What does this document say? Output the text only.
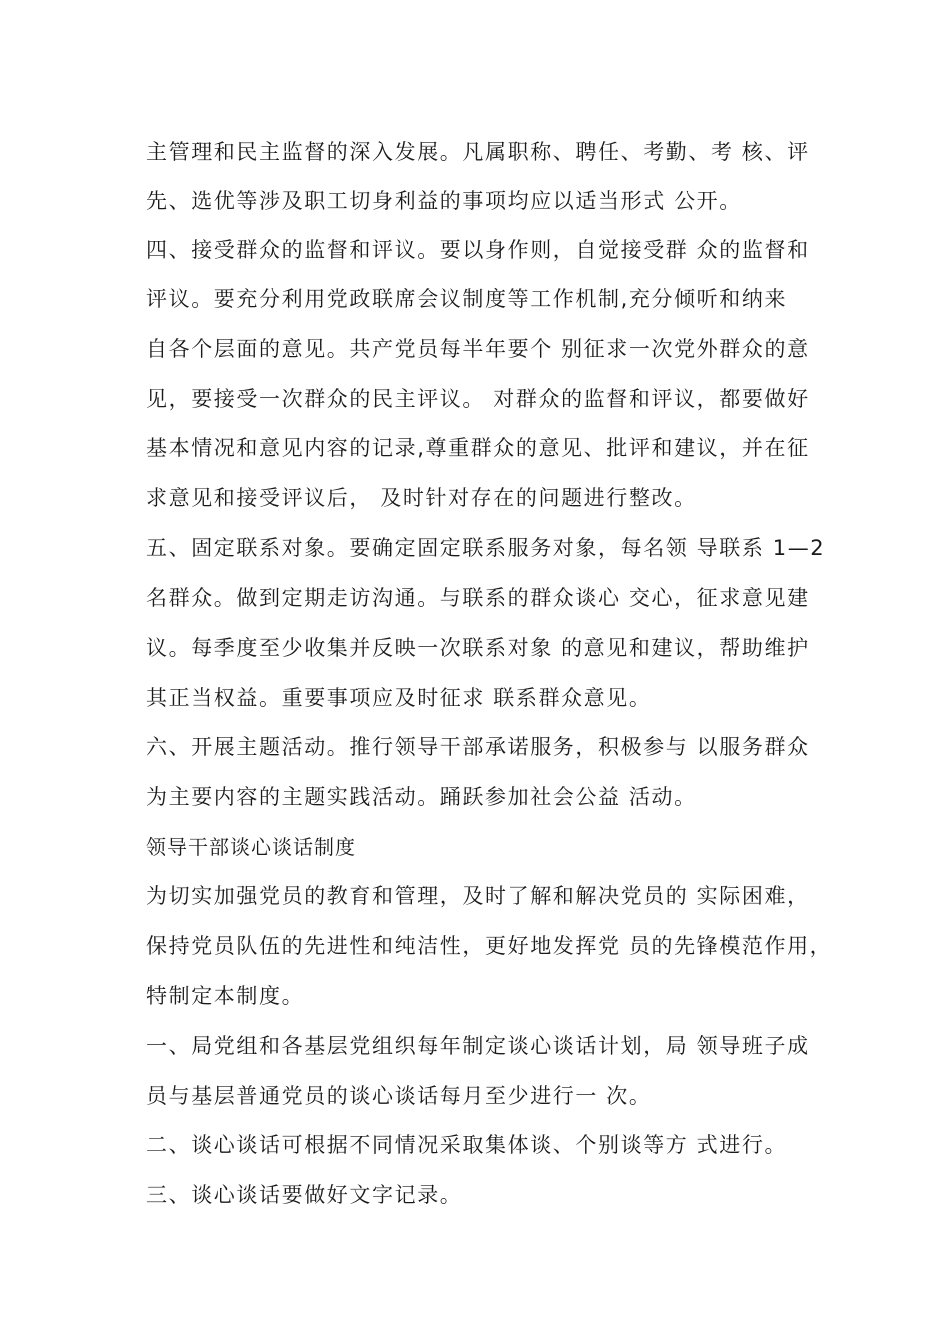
主管理和民主监督的深入发展。凡属职称、聘任、考勤、考 核、评
先、选优等涉及职工切身利益的事项均应以适当形式 公开。
四、接受群众的监督和评议。要以身作则，自觉接受群 众的监督和
评议。要充分利用党政联席会议制度等工作机制,充分倾听和纳来
自各个层面的意见。共产党员每半年要个 别征求一次党外群众的意
见，要接受一次群众的民主评议。 对群众的监督和评议，都要做好
基本情况和意见内容的记录,尊重群众的意见、批评和建议，并在征
求意见和接受评议后， 及时针对存在的问题进行整改。
五、固定联系对象。要确定固定联系服务对象，每名领 导联系 1—2
名群众。做到定期走访沟通。与联系的群众谈心 交心，征求意见建
议。每季度至少收集并反映一次联系对象 的意见和建议，帮助维护
其正当权益。重要事项应及时征求 联系群众意见。
六、开展主题活动。推行领导干部承诺服务，积极参与 以服务群众
为主要内容的主题实践活动。踊跃参加社会公益 活动。
领导干部谈心谈话制度
为切实加强党员的教育和管理，及时了解和解决党员的 实际困难，
保持党员队伍的先进性和纯洁性，更好地发挥党 员的先锋模范作用，
特制定本制度。
一、局党组和各基层党组织每年制定谈心谈话计划，局 领导班子成
员与基层普通党员的谈心谈话每月至少进行一 次。
二、谈心谈话可根据不同情况采取集体谈、个别谈等方 式进行。
三、谈心谈话要做好文字记录。
